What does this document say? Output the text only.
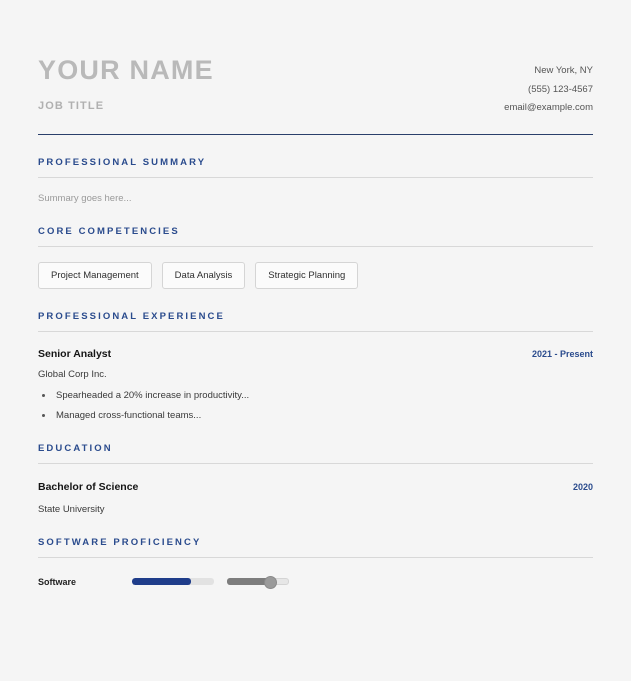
YOUR NAME
JOB TITLE
New York, NY
(555) 123-4567
email@example.com
PROFESSIONAL SUMMARY
Summary goes here...
CORE COMPETENCIES
Project Management	Data Analysis	Strategic Planning
PROFESSIONAL EXPERIENCE
Senior Analyst	2021 - Present
Global Corp Inc.
Spearheaded a 20% increase in productivity...
Managed cross-functional teams...
EDUCATION
Bachelor of Science	2020
State University
SOFTWARE PROFICIENCY
Software
